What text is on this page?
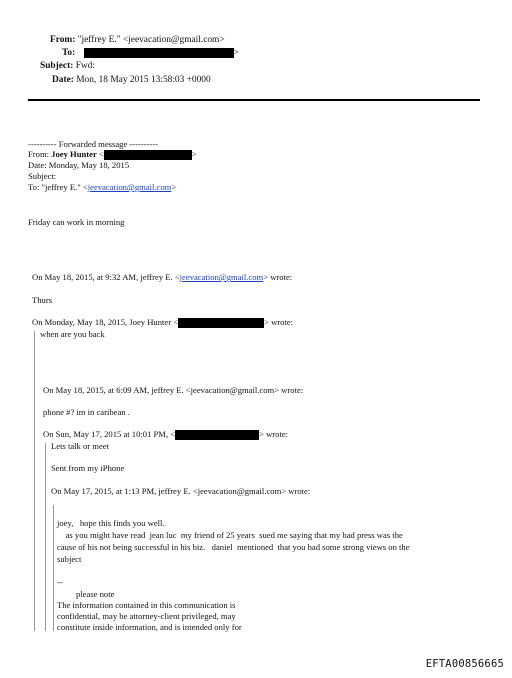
From: "jeffrey E." <jeevacation@gmail.com>
To:	>
Subject: Fwd:
Date: Mon, 18 May 2015 13:58:03 +0000
---------- Forwarded message ----------
From: Joey Hunter <	>
Date: Monday, May 18, 2015
Subject:
To: "jeffrey E." <jeevacation@gmail.com>
Friday can work in morning
On May 18, 2015, at 9:32 AM, jeffrey E. <jeevacation@gmail.com> wrote:
Thurs
On Monday, May 18, 2015, Joey Hunter <	> wrote:
when are you back
On May 18, 2015, at 6:09 AM, jeffrey E. <jeevacation@gmail.com> wrote:
phone #? im in caribean .
On Sun, May 17, 2015 at 10:01 PM, <	> wrote:
Lets talk or meet
Sent from my iPhone
On May 17, 2015, at 1:13 PM, jeffrey E. <jeevacation@gmail.com> wrote:
joey,   hope this finds you well.
as you might have read  jean luc  my friend of 25 years  sued me saying that my bad press was the
cause of his not being successful in his biz.   daniel  mentioned  that you had some strong views on the
subject
--
please note
The information contained in this communication is
confidential, may be attorney-client privileged, may
constitute inside information, and is intended only for
EFTA00856665
